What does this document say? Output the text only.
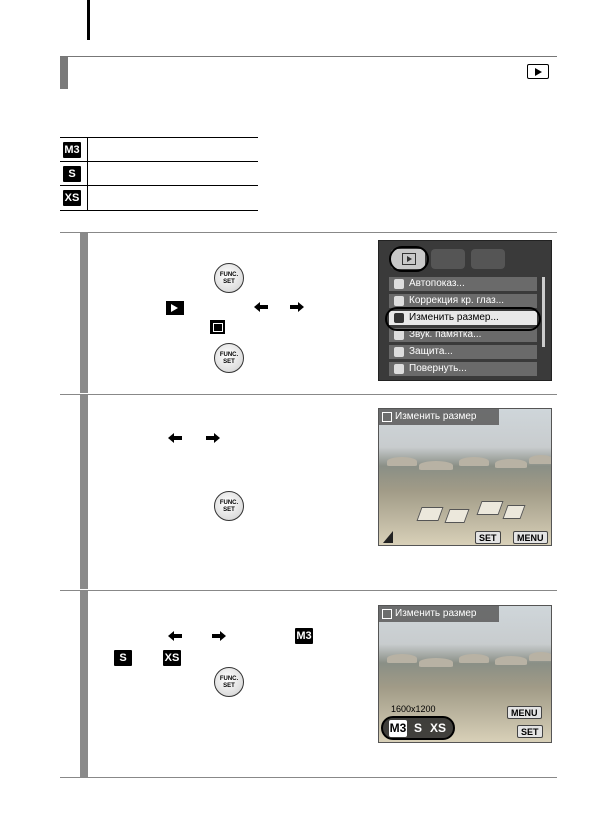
M3
S
XS
FUNC.
SET
FUNC.
SET
Автопоказ...
Коррекция кр. глаз...
Изменить размер...
Звук. памятка...
Защита...
Повернуть...
FUNC.
SET
Изменить размер
SET	MENU
M3
S	XS
FUNC.
SET
Изменить размер
1600x1200	MENU
SET
M3 S XS
